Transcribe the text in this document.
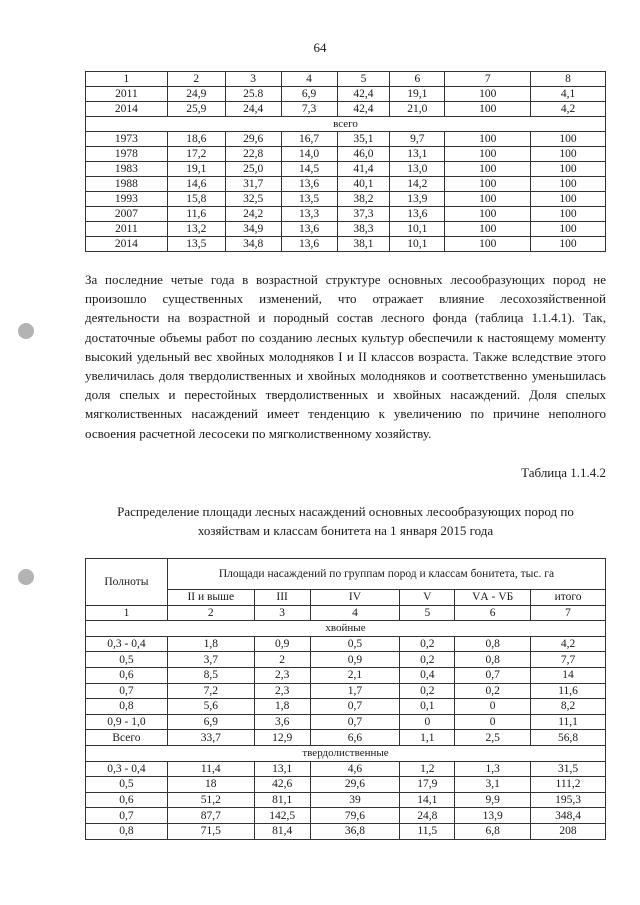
64
1	2	3	4	5	6	7	8
2011	24,9	25.8	6,9	42,4	19,1	100	4,1
2014	25,9	24,4	7,3	42,4	21,0	100	4,2
всего							
1973	18,6	29,6	16,7	35,1	9,7	100	100
1978	17,2	22,8	14,0	46,0	13,1	100	100
1983	19,1	25,0	14,5	41,4	13,0	100	100
1988	14,6	31,7	13,6	40,1	14,2	100	100
1993	15,8	32,5	13,5	38,2	13,9	100	100
2007	11,6	24,2	13,3	37,3	13,6	100	100
2011	13,2	34,9	13,6	38,3	10,1	100	100
2014	13,5	34,8	13,6	38,1	10,1	100	100

За последние четые года в возрастной структуре основных лесообразующих пород не произошло существенных изменений, что отражает влияние лесохозяйственной деятельности на возрастной и породный состав лесного фонда (таблица 1.1.4.1). Так, достаточные объемы работ по созданию лесных культур обеспечили к настоящему моменту высокий удельный вес хвойных молодняков I и II классов возраста. Также вследствие этого увеличилась доля твердолиственных и хвойных молодняков и соответственно уменьшилась доля спелых и перестойных твердолиственных и хвойных насаждений. Доля спелых мягколиственных насаждений имеет тенденцию к увеличению по причине неполного освоения расчетной лесосеки по мягколиственному хозяйству.

Таблица 1.1.4.2

Распределение площади лесных насаждений основных лесообразующих пород по хозяйствам и классам бонитета на 1 января 2015 года

Полноты	Площади насаждений по группам пород и классам бонитета, тыс. га					
	II и выше	III	IV	V	VА - VБ	итого
1	2	3	4	5	6	7
хвойные						
0,3 - 0,4	1,8	0,9	0,5	0,2	0,8	4,2
0,5	3,7	2	0,9	0,2	0,8	7,7
0,6	8,5	2,3	2,1	0,4	0,7	14
0,7	7,2	2,3	1,7	0,2	0,2	11,6
0,8	5,6	1,8	0,7	0,1	0	8,2
0,9 - 1,0	6,9	3,6	0,7	0	0	11,1
Всего	33,7	12,9	6,6	1,1	2,5	56,8
твердолиственные						
0,3 - 0,4	11,4	13,1	4,6	1,2	1,3	31,5
0,5	18	42,6	29,6	17,9	3,1	111,2
0,6	51,2	81,1	39	14,1	9,9	195,3
0,7	87,7	142,5	79,6	24,8	13,9	348,4
0,8	71,5	81,4	36,8	11,5	6,8	208
